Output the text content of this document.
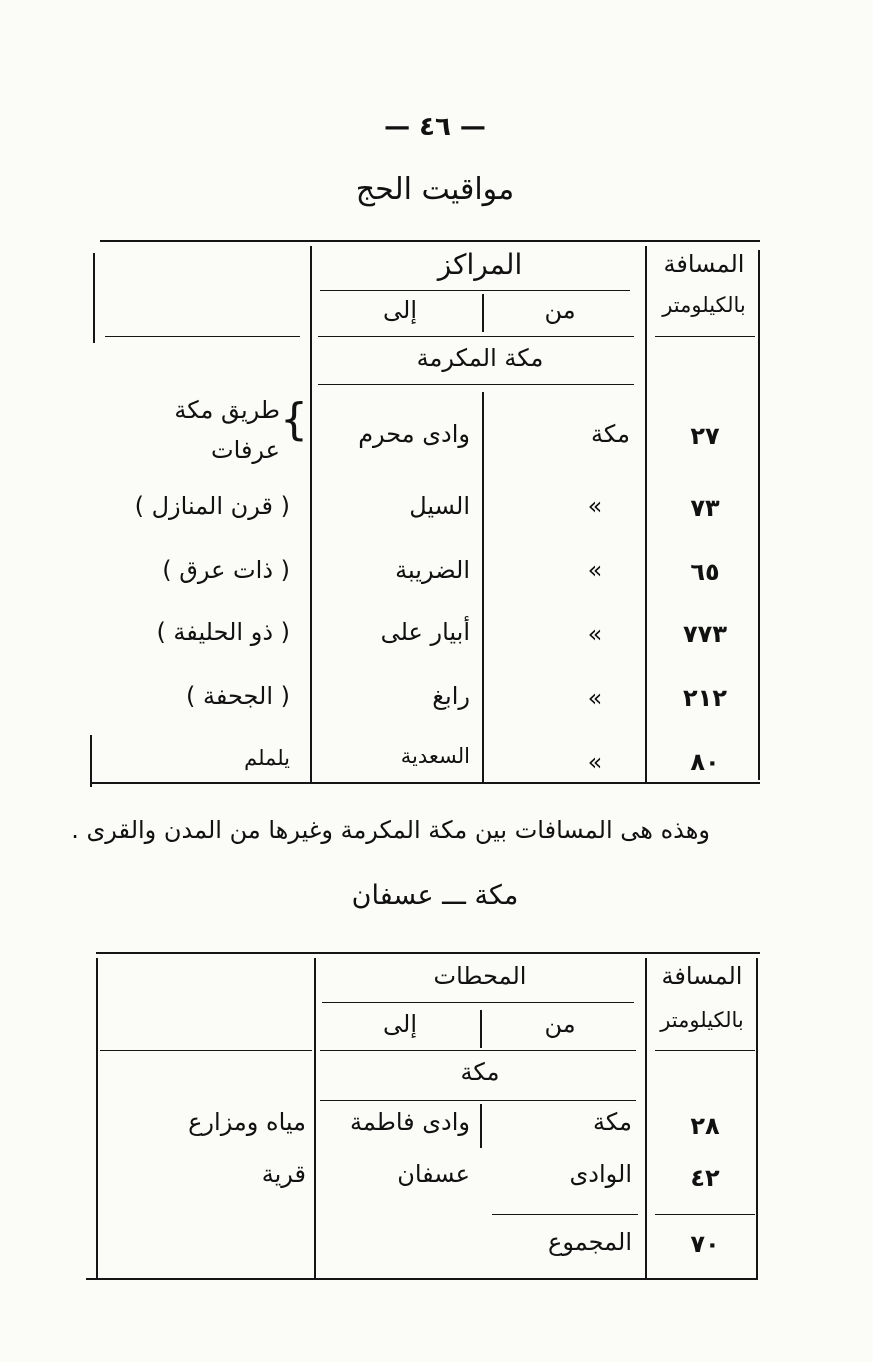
— ٤٦ —
مواقيت الحج
المسافة
بالكيلومتر
المراكز
من
إلى
مكة المكرمة
طريق مكة
عرفات
{	٢٧
مكة
وادى محرم
٧٣
»
السيل
( قرن المنازل )
٦٥
»
الضريبة
( ذات عرق )
٧٧٣
»
أبيار على
( ذو الحليفة )
٢١٢
»
رابغ
( الجحفة )
٨٠
»
السعدية
يلملم
وهذه هى المسافات بين مكة المكرمة وغيرها من المدن والقرى .
مكة ـــ عسفان
المسافة
بالكيلومتر
المحطات
من
إلى
مكة
٢٨
مكة
وادى فاطمة
مياه ومزارع
٤٢
الوادى
عسفان
قرية
٧٠
المجموع
